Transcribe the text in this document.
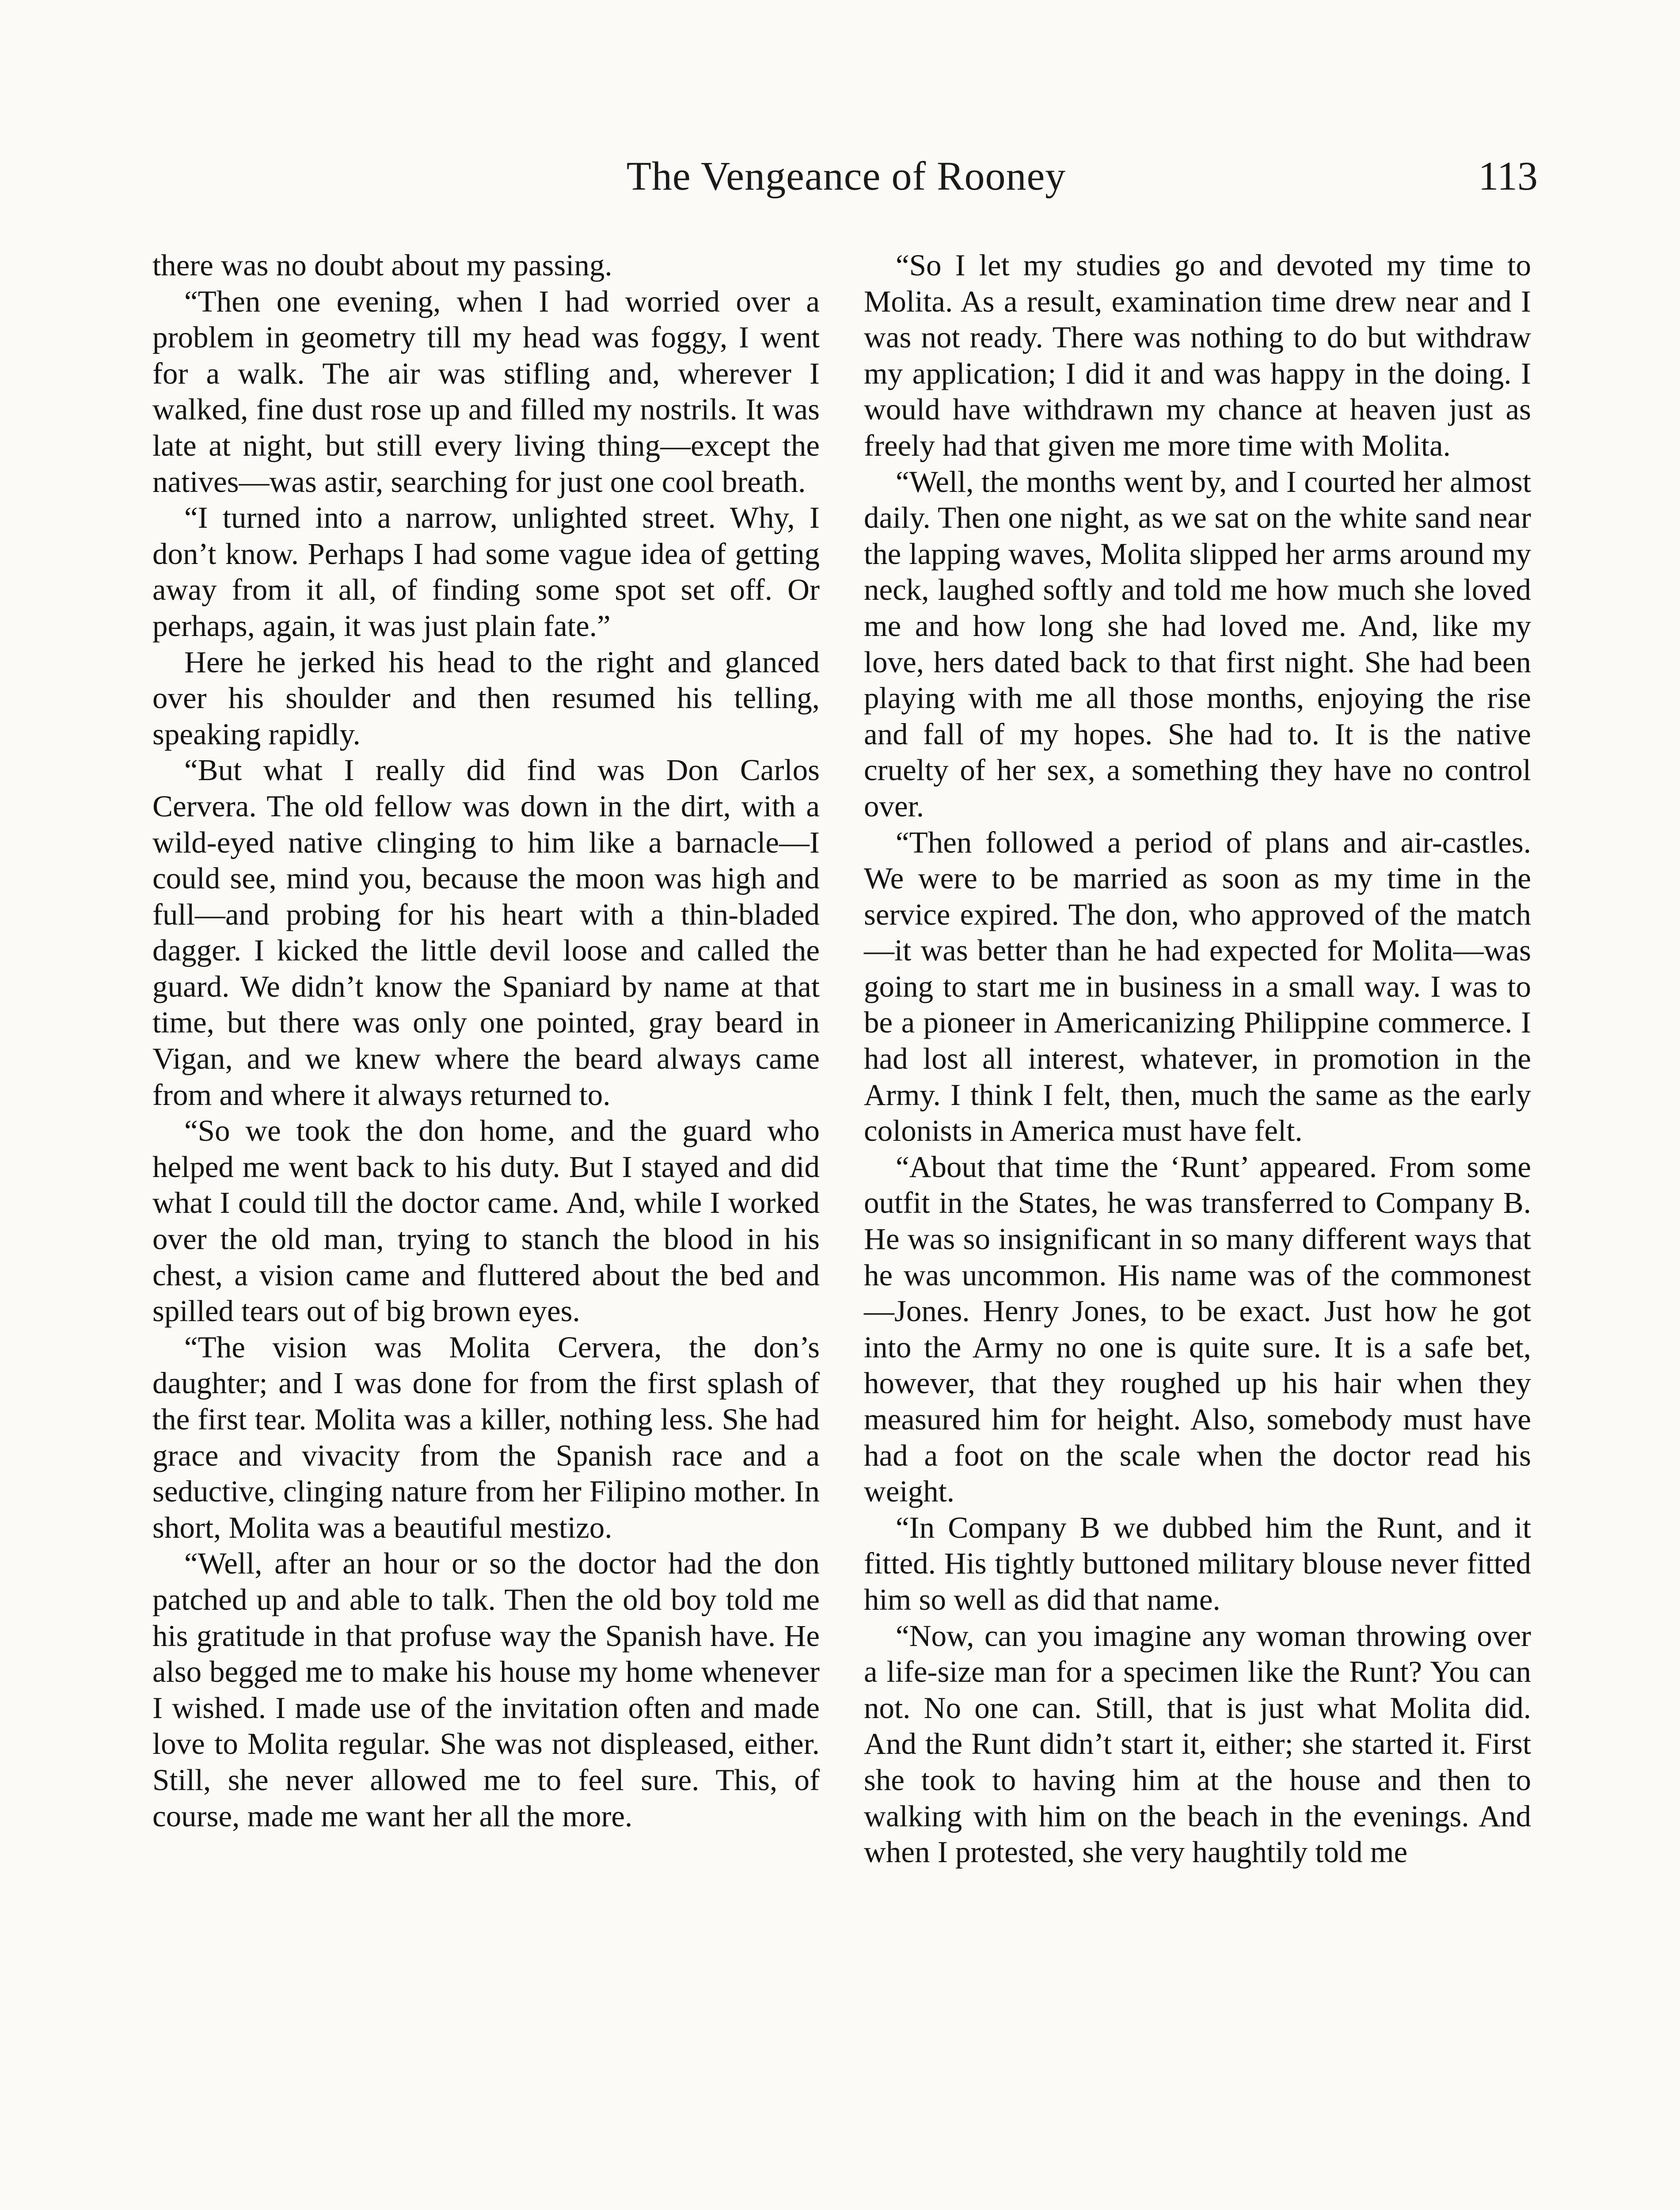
The Vengeance of Rooney	113

there was no doubt about my passing.

“Then one evening, when I had worried over a problem in geometry till my head was foggy, I went for a walk. The air was stifling and, wherever I walked, fine dust rose up and filled my nostrils. It was late at night, but still every living thing—except the natives—was astir, searching for just one cool breath.

“I turned into a narrow, unlighted street. Why, I don’t know. Perhaps I had some vague idea of getting away from it all, of finding some spot set off. Or perhaps, again, it was just plain fate.”

Here he jerked his head to the right and glanced over his shoulder and then resumed his telling, speaking rapidly.

“But what I really did find was Don Carlos Cervera. The old fellow was down in the dirt, with a wild-eyed native clinging to him like a barnacle—I could see, mind you, because the moon was high and full—and probing for his heart with a thin-bladed dagger. I kicked the little devil loose and called the guard. We didn’t know the Spaniard by name at that time, but there was only one pointed, gray beard in Vigan, and we knew where the beard always came from and where it always returned to.

“So we took the don home, and the guard who helped me went back to his duty. But I stayed and did what I could till the doctor came. And, while I worked over the old man, trying to stanch the blood in his chest, a vision came and fluttered about the bed and spilled tears out of big brown eyes.

“The vision was Molita Cervera, the don’s daughter; and I was done for from the first splash of the first tear. Molita was a killer, nothing less. She had grace and vivacity from the Spanish race and a seductive, clinging nature from her Filipino mother. In short, Molita was a beautiful mestizo.

“Well, after an hour or so the doctor had the don patched up and able to talk. Then the old boy told me his gratitude in that profuse way the Spanish have. He also begged me to make his house my home whenever I wished. I made use of the invitation often and made love to Molita regular. She was not displeased, either. Still, she never allowed me to feel sure. This, of course, made me want her all the more.

“So I let my studies go and devoted my time to Molita. As a result, examination time drew near and I was not ready. There was nothing to do but withdraw my application; I did it and was happy in the doing. I would have withdrawn my chance at heaven just as freely had that given me more time with Molita.

“Well, the months went by, and I courted her almost daily. Then one night, as we sat on the white sand near the lapping waves, Molita slipped her arms around my neck, laughed softly and told me how much she loved me and how long she had loved me. And, like my love, hers dated back to that first night. She had been playing with me all those months, enjoying the rise and fall of my hopes. She had to. It is the native cruelty of her sex, a something they have no control over.

“Then followed a period of plans and air-castles. We were to be married as soon as my time in the service expired. The don, who approved of the match—it was better than he had expected for Molita—was going to start me in business in a small way. I was to be a pioneer in Americanizing Philippine commerce. I had lost all interest, whatever, in promotion in the Army. I think I felt, then, much the same as the early colonists in America must have felt.

“About that time the ‘Runt’ appeared. From some outfit in the States, he was transferred to Company B. He was so insignificant in so many different ways that he was uncommon. His name was of the commonest—Jones. Henry Jones, to be exact. Just how he got into the Army no one is quite sure. It is a safe bet, however, that they roughed up his hair when they measured him for height. Also, somebody must have had a foot on the scale when the doctor read his weight.

“In Company B we dubbed him the Runt, and it fitted. His tightly buttoned military blouse never fitted him so well as did that name.

“Now, can you imagine any woman throwing over a life-size man for a specimen like the Runt? You can not. No one can. Still, that is just what Molita did. And the Runt didn’t start it, either; she started it. First she took to having him at the house and then to walking with him on the beach in the evenings. And when I protested, she very haughtily told me
